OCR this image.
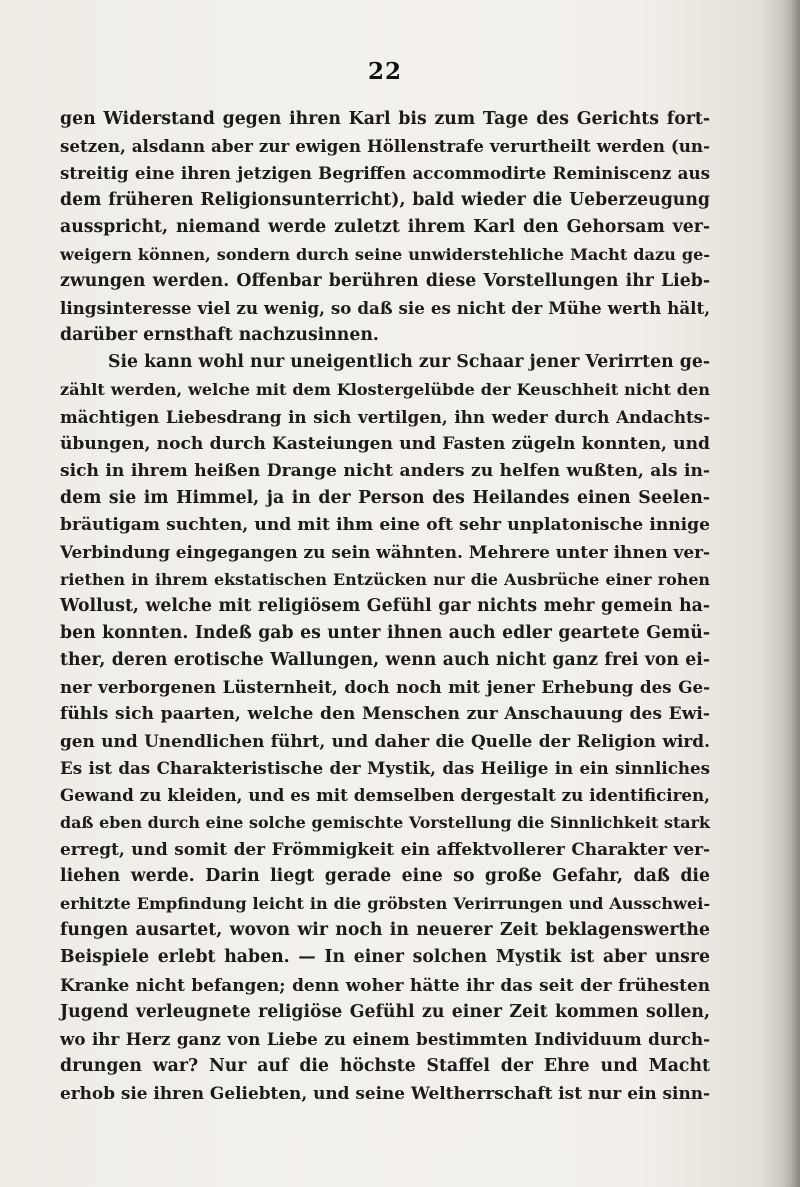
22
gen Widerstand gegen ihren Karl bis zum Tage des Gerichts fort-
setzen, alsdann aber zur ewigen Höllenstrafe verurtheilt werden (un-
streitig eine ihren jetzigen Begriffen accommodirte Reminiscenz aus
dem früheren Religionsunterricht), bald wieder die Ueberzeugung
ausspricht, niemand werde zuletzt ihrem Karl den Gehorsam ver-
weigern können, sondern durch seine unwiderstehliche Macht dazu ge-
zwungen werden. Offenbar berühren diese Vorstellungen ihr Lieb-
lingsinteresse viel zu wenig, so daß sie es nicht der Mühe werth hält,
darüber ernsthaft nachzusinnen.
Sie kann wohl nur uneigentlich zur Schaar jener Verirrten ge-
zählt werden, welche mit dem Klostergelübde der Keuschheit nicht den
mächtigen Liebesdrang in sich vertilgen, ihn weder durch Andachts-
übungen, noch durch Kasteiungen und Fasten zügeln konnten, und
sich in ihrem heißen Drange nicht anders zu helfen wußten, als in-
dem sie im Himmel, ja in der Person des Heilandes einen Seelen-
bräutigam suchten, und mit ihm eine oft sehr unplatonische innige
Verbindung eingegangen zu sein wähnten. Mehrere unter ihnen ver-
riethen in ihrem ekstatischen Entzücken nur die Ausbrüche einer rohen
Wollust, welche mit religiösem Gefühl gar nichts mehr gemein ha-
ben konnten. Indeß gab es unter ihnen auch edler geartete Gemü-
ther, deren erotische Wallungen, wenn auch nicht ganz frei von ei-
ner verborgenen Lüsternheit, doch noch mit jener Erhebung des Ge-
fühls sich paarten, welche den Menschen zur Anschauung des Ewi-
gen und Unendlichen führt, und daher die Quelle der Religion wird.
Es ist das Charakteristische der Mystik, das Heilige in ein sinnliches
Gewand zu kleiden, und es mit demselben dergestalt zu identificiren,
daß eben durch eine solche gemischte Vorstellung die Sinnlichkeit stark
erregt, und somit der Frömmigkeit ein affektvollerer Charakter ver-
liehen werde. Darin liegt gerade eine so große Gefahr, daß die
erhitzte Empfindung leicht in die gröbsten Verirrungen und Ausschwei-
fungen ausartet, wovon wir noch in neuerer Zeit beklagenswerthe
Beispiele erlebt haben. — In einer solchen Mystik ist aber unsre
Kranke nicht befangen; denn woher hätte ihr das seit der frühesten
Jugend verleugnete religiöse Gefühl zu einer Zeit kommen sollen,
wo ihr Herz ganz von Liebe zu einem bestimmten Individuum durch-
drungen war? Nur auf die höchste Staffel der Ehre und Macht
erhob sie ihren Geliebten, und seine Weltherrschaft ist nur ein sinn-
